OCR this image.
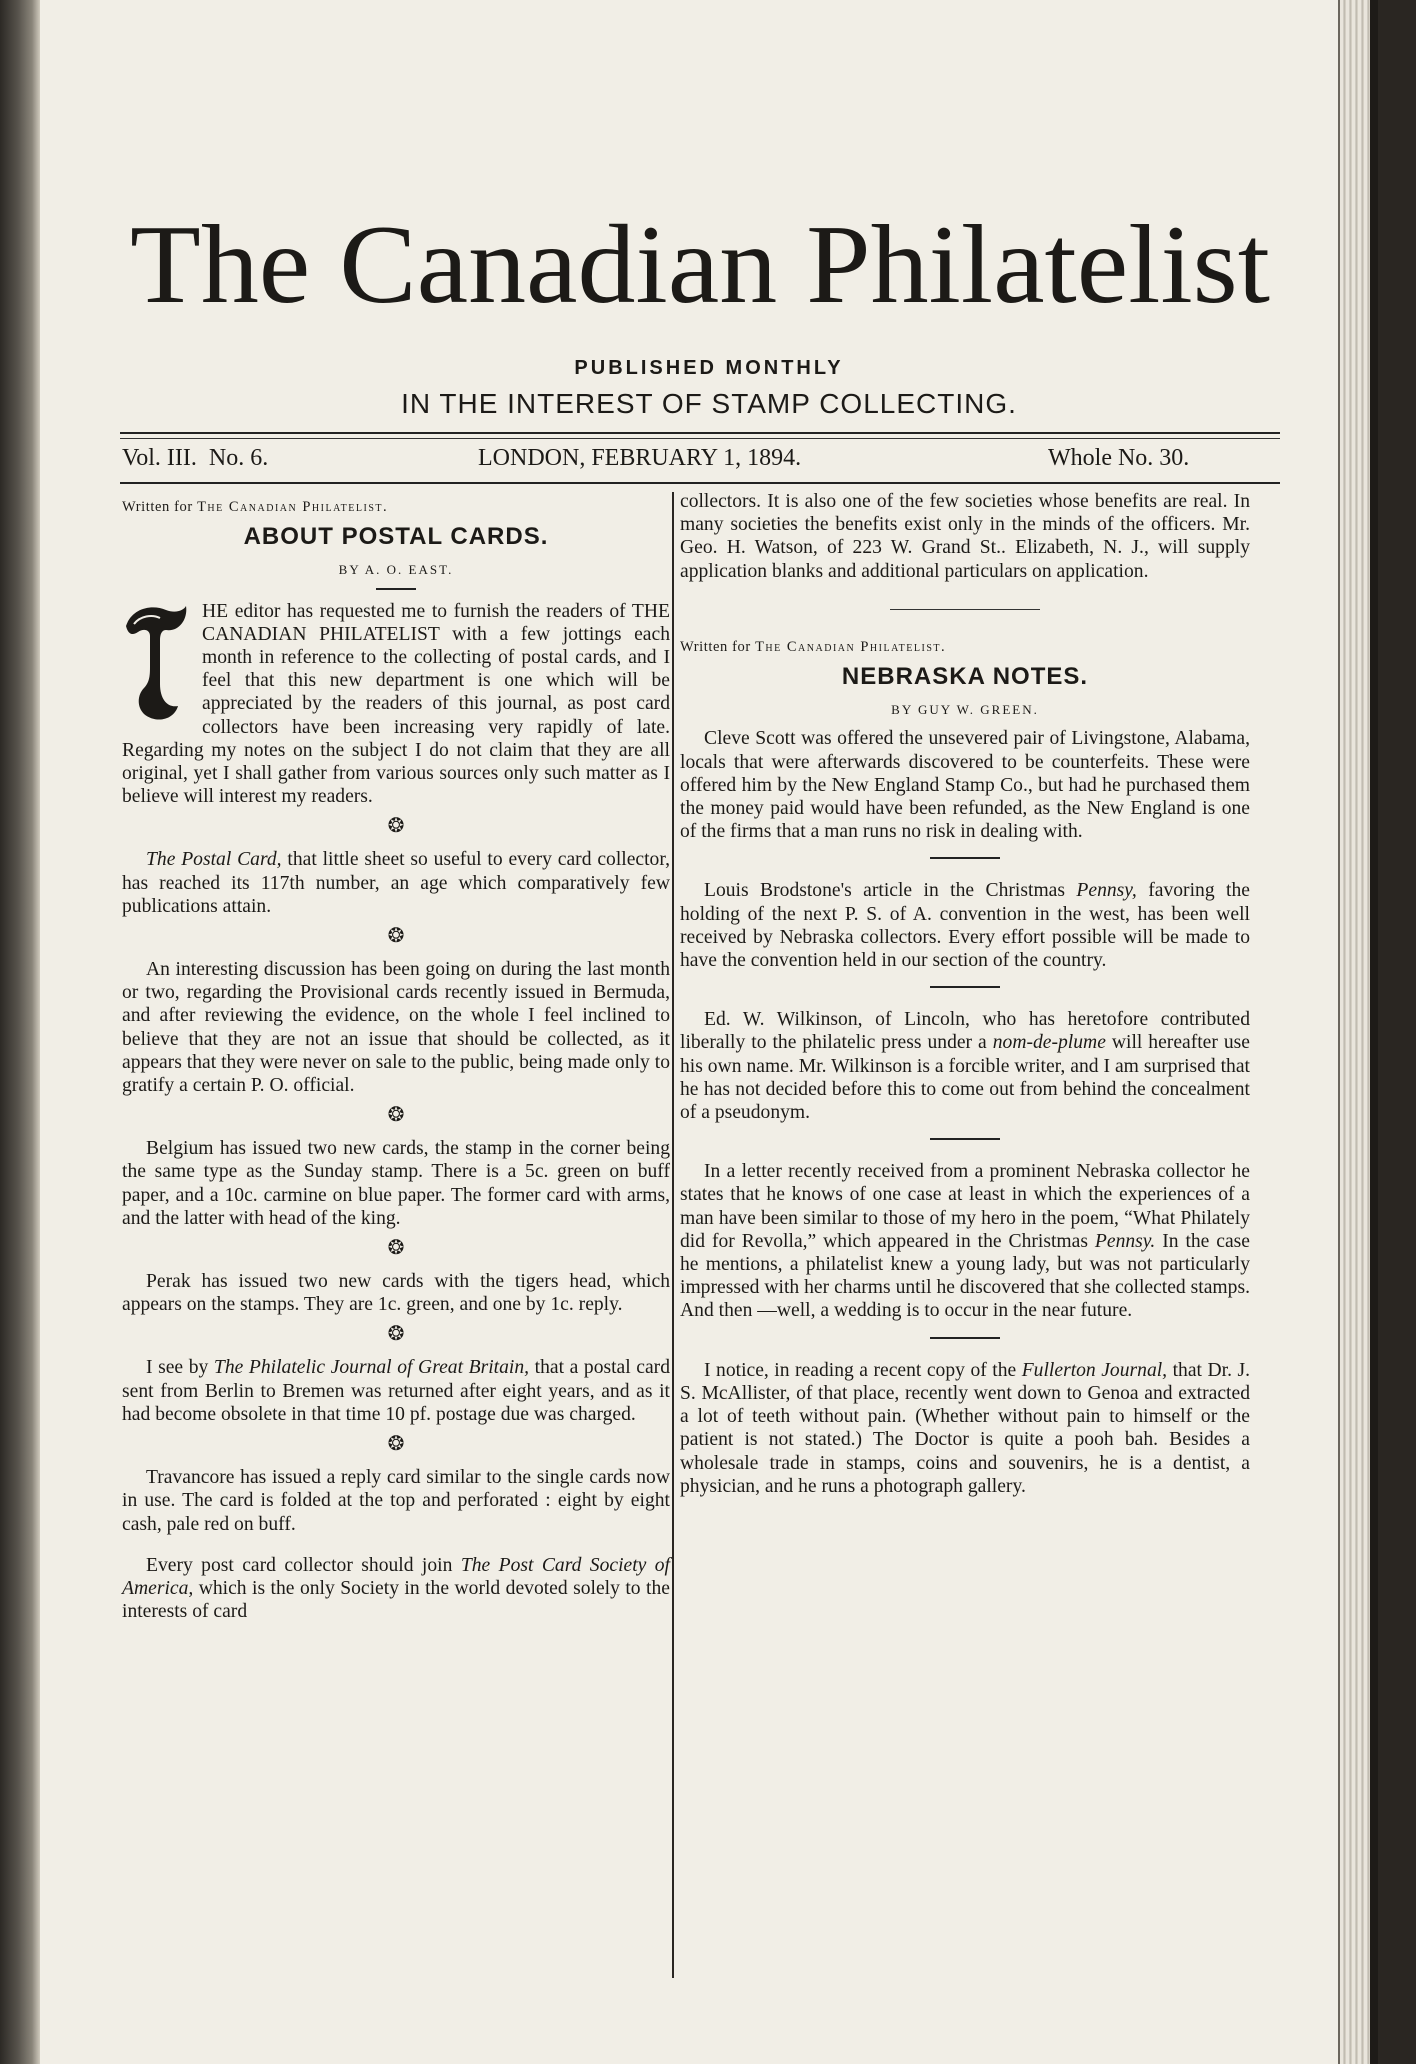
The Canadian Philatelist
PUBLISHED MONTHLY
IN THE INTEREST OF STAMP COLLECTING.
Vol. III. No. 6.	LONDON, FEBRUARY 1, 1894.	Whole No. 30.
Written for The Canadian Philatelist.
ABOUT POSTAL CARDS.
BY A. O. EAST.
HE editor has requested me to furnish the readers of THE CANADIAN PHILATELIST with a few jottings each month in reference to the collecting of postal cards, and I feel that this new department is one which will be appreciated by the readers of this journal, as post card collectors have been increasing very rapidly of late. Regarding my notes on the subject I do not claim that they are all original, yet I shall gather from various sources only such matter as I believe will interest my readers.
❂

The Postal Card, that little sheet so useful to every card collector, has reached its 117th number, an age which comparatively few publications attain.

❂

An interesting discussion has been going on during the last month or two, regarding the Provisional cards recently issued in Bermuda, and after reviewing the evidence, on the whole I feel inclined to believe that they are not an issue that should be collected, as it appears that they were never on sale to the public, being made only to gratify a certain P. O. official.

❂

Belgium has issued two new cards, the stamp in the corner being the same type as the Sunday stamp. There is a 5c. green on buff paper, and a 10c. carmine on blue paper. The former card with arms, and the latter with head of the king.

❂

Perak has issued two new cards with the tigers head, which appears on the stamps. They are 1c. green, and one by 1c. reply.

❂

I see by The Philatelic Journal of Great Britain, that a postal card sent from Berlin to Bremen was returned after eight years, and as it had become obsolete in that time 10 pf. postage due was charged.

❂

Travancore has issued a reply card similar to the single cards now in use. The card is folded at the top and perforated : eight by eight cash, pale red on buff.

Every post card collector should join The Post Card Society of America, which is the only Society in the world devoted solely to the interests of card

collectors. It is also one of the few societies whose benefits are real. In many societies the benefits exist only in the minds of the officers. Mr. Geo. H. Watson, of 223 W. Grand St.. Elizabeth, N. J., will supply application blanks and additional particulars on application.

Written for The Canadian Philatelist.
NEBRASKA NOTES.
BY GUY W. GREEN.

Cleve Scott was offered the unsevered pair of Livingstone, Alabama, locals that were afterwards discovered to be counterfeits. These were offered him by the New England Stamp Co., but had he purchased them the money paid would have been refunded, as the New England is one of the firms that a man runs no risk in dealing with.

Louis Brodstone's article in the Christmas Pennsy, favoring the holding of the next P. S. of A. convention in the west, has been well received by Nebraska collectors. Every effort possible will be made to have the convention held in our section of the country.

Ed. W. Wilkinson, of Lincoln, who has heretofore contributed liberally to the philatelic press under a nom-de-plume will hereafter use his own name. Mr. Wilkinson is a forcible writer, and I am surprised that he has not decided before this to come out from behind the concealment of a pseudonym.

In a letter recently received from a prominent Nebraska collector he states that he knows of one case at least in which the experiences of a man have been similar to those of my hero in the poem, “What Philately did for Revolla,” which appeared in the Christmas Pennsy. In the case he mentions, a philatelist knew a young lady, but was not particularly impressed with her charms until he discovered that she collected stamps. And then —well, a wedding is to occur in the near future.

I notice, in reading a recent copy of the Fullerton Journal, that Dr. J. S. McAllister, of that place, recently went down to Genoa and extracted a lot of teeth without pain. (Whether without pain to himself or the patient is not stated.) The Doctor is quite a pooh bah. Besides a wholesale trade in stamps, coins and souvenirs, he is a dentist, a physician, and he runs a photograph gallery.
